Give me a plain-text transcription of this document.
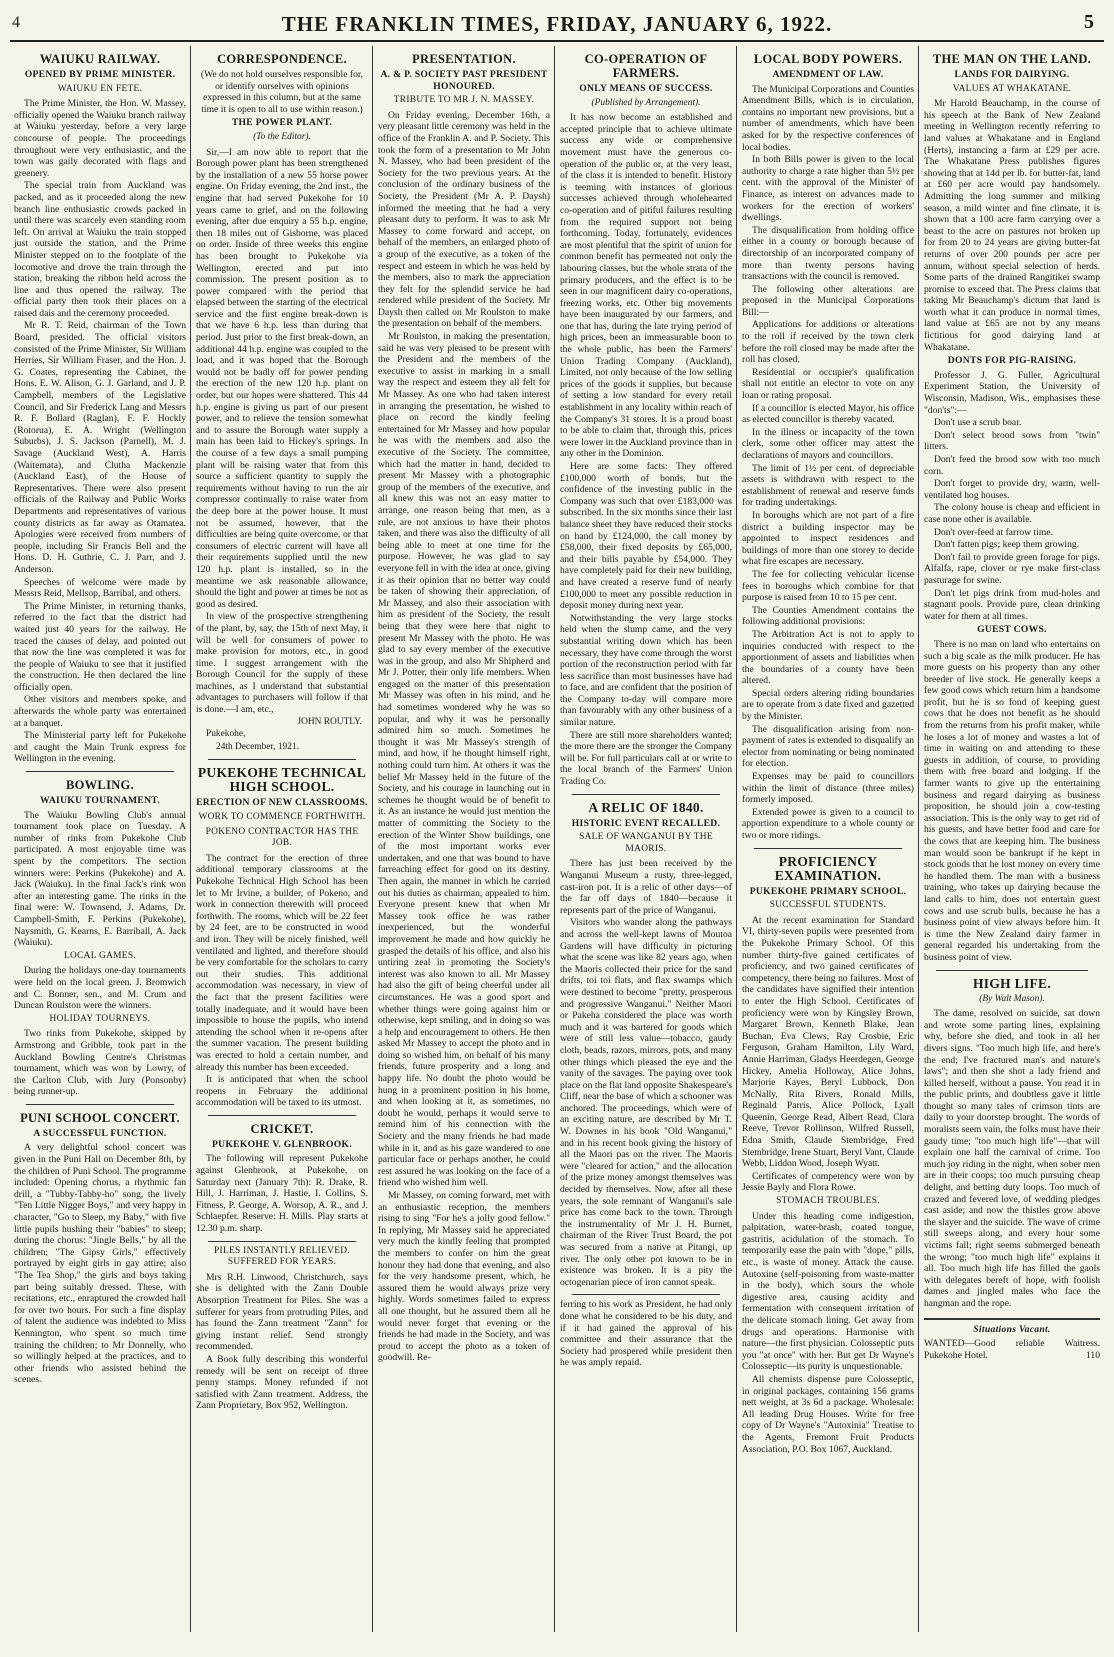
4	THE FRANKLIN TIMES, FRIDAY, JANUARY 6, 1922.	5
WAIUKU RAILWAY.
OPENED BY PRIME MINISTER.
WAIUKU EN FETE.

The Prime Minister, the Hon. W. Massey, officially opened the Waiuku branch railway at Waiuku yesterday, before a very large concourse of people. The proceedings throughout were very enthusiastic, and the town was gaily decorated with flags and greenery.

The special train from Auckland was packed, and as it proceeded along the new branch line enthusiastic crowds packed in until there was scarcely even standing room left. On arrival at Waiuku the train stopped just outside the station, and the Prime Minister stepped on to the footplate of the locomotive and drove the train through the station, breaking the ribbon held across the line and thus opened the railway. The official party then took their places on a raised dais and the ceremony proceeded.

Mr R. T. Reid, chairman of the Town Board, presided. The official visitors consisted of the Prime Minister, Sir William Herries, Sir William Fraser, and the Hon. J. G. Coates, representing the Cabinet, the Hons. E. W. Alison, G. J. Garland, and J. P. Campbell, members of the Legislative Council, and Sir Frederick Lang and Messrs R. F. Bollard (Raglan), F. F. Hockly (Rotorua), E. A. Wright (Wellington Suburbs), J. S. Jackson (Parnell), M. J. Savage (Auckland West), A. Harris (Waitemata), and Clutha Mackenzie (Auckland East), of the House of Representatives. There were also present officials of the Railway and Public Works Departments and representatives of various county districts as far away as Otamatea. Apologies were received from numbers of people, including Sir Francis Bell and the Hons. D. H. Guthrie, C. J. Parr, and J. Anderson.

Speeches of welcome were made by Messrs Reid, Mellsop, Barribal, and others.

The Prime Minister, in returning thanks, referred to the fact that the district had waited just 40 years for the railway. He traced the causes of delay, and pointed out that now the line was completed it was for the people of Waiuku to see that it justified the construction. He then declared the line officially open.

Other visitors and members spoke, and afterwards the whole party was entertained at a banquet.

The Ministerial party left for Pukekohe and caught the Main Trunk express for Wellington in the evening.

BOWLING.
WAIUKU TOURNAMENT.

The Waiuku Bowling Club's annual tournament took place on Tuesday. A number of rinks from Pukekohe Club participated. A most enjoyable time was spent by the competitors. The section winners were: Perkins (Pukekohe) and A. Jack (Waiuku). In the final Jack's rink won after an interesting game. The rinks in the final were: W. Townsend, J. Adams, Dr. Campbell-Smith, F. Perkins (Pukekohe), Naysmith, G. Kearns, E. Barriball, A. Jack (Waiuku).

LOCAL GAMES.

During the holidays one-day tournaments were held on the local green. J. Bromwich and C. Bonner, sen., and M. Crum and Duncan Roulston were the winners.

HOLIDAY TOURNEYS.

Two rinks from Pukekohe, skipped by Armstrong and Gribble, took part in the Auckland Bowling Centre's Christmas tournament, which was won by Lowry, of the Carlton Club, with Jury (Ponsonby) being runner-up.

PUNI SCHOOL CONCERT.
A SUCCESSFUL FUNCTION.

A very delightful school concert was given in the Puni Hall on December 8th, by the children of Puni School. The programme included: Opening chorus, a rhythmic fan drill, a "Tubby-Tabby-ho" song, the lively "Ten Little Nigger Boys," and very happy in character, "Go to Sleep, my Baby," with five little pupils hushing their "babies" to sleep; during the chorus: "Jingle Bells," by all the children; "The Gipsy Girls," effectively portrayed by eight girls in gay attire; also "The Tea Shop," the girls and boys taking part being suitably dressed. These, with recitations, etc., enraptured the crowded hall for over two hours. For such a fine display of talent the audience was indebted to Miss Kennington, who spent so much time training the children; to Mr Donnelly, who so willingly helped at the practices, and to other friends who assisted behind the scenes.

CORRESPONDENCE.

(We do not hold ourselves responsible for, or identify ourselves with opinions expressed in this column, but at the same time it is open to all to use within reason.)

THE POWER PLANT.
(To the Editor).

Sir,—I am now able to report that the Borough power plant has been strengthened by the installation of a new 55 horse power engine. On Friday evening, the 2nd inst., the engine that had served Pukekohe for 10 years came to grief, and on the following evening, after due enquiry a 55 h.p. engine, then 18 miles out of Gisborne, was placed on order. Inside of three weeks this engine has been brought to Pukekohe via Wellington, erected and put into commission. The present position as to power compared with the period that elapsed between the starting of the electrical service and the first engine break-down is that we have 6 h.p. less than during that period. Just prior to the first break-down, an additional 44 h.p. engine was coupled to the load, and it was hoped that the Borough would not be badly off for power pending the erection of the new 120 h.p. plant on order, but our hopes were shattered. This 44 h.p. engine is giving us part of our present power, and to relieve the tension somewhat and to assure the Borough water supply a main has been laid to Hickey's springs. In the course of a few days a small pumping plant will be raising water that from this source a sufficient quantity to supply the requirements without having to run the air compressor continually to raise water from the deep bore at the power house. It must not be assumed, however, that the difficulties are being quite overcome, or that consumers of electric current will have all their requirements supplied until the new 120 h.p. plant is installed, so in the meantime we ask reasonable allowance, should the light and power at times be not as good as desired.

In view of the prospective strengthening of the plant, by, say, the 15th of next May, it will be well for consumers of power to make provision for motors, etc., in good time. I suggest arrangement with the Borough Council for the supply of these machines, as I understand that substantial advantages to purchasers will follow if that is done.—I am, etc.,

JOHN ROUTLY.

Pukekohe,

24th December, 1921.

PUKEKOHE TECHNICAL HIGH SCHOOL.
ERECTION OF NEW CLASSROOMS.
WORK TO COMMENCE FORTHWITH.
POKENO CONTRACTOR HAS THE JOB.

The contract for the erection of three additional temporary classrooms at the Pukekohe Technical High School has been let to Mr Irvine, a builder, of Pokeno, and work in connection therewith will proceed forthwith. The rooms, which will be 22 feet by 24 feet, are to be constructed in wood and iron. They will be nicely finished, well ventilated and lighted, and therefore should be very comfortable for the scholars to carry out their studies. This additional accommodation was necessary, in view of the fact that the present facilities were totally inadequate, and it would have been impossible to house the pupils, who intend attending the school when it re-opens after the summer vacation. The present building was erected to hold a certain number, and already this number has been exceeded.

It is anticipated that when the school reopens in February the additional accommodation will be taxed to its utmost.

CRICKET.
PUKEKOHE V. GLENBROOK.

The following will represent Pukekohe against Glenbrook, at Pukekohe, on Saturday next (January 7th): R. Drake, R. Hill, J. Harriman, J. Hastie, I. Collins, S. Fitness, P. George, A. Worsop, A. R., and J. Schlaepfer. Reserve: H. Mills. Play starts at 12.30 p.m. sharp.

PILES INSTANTLY RELIEVED. SUFFERED FOR YEARS.

Mrs R.H. Linwood, Christchurch, says she is delighted with the Zann Double Absorption Treatment for Piles. She was a sufferer for years from protruding Piles, and has found the Zann treatment "Zann" for giving instant relief. Send strongly recommended.

A Book fully describing this wonderful remedy will be sent on receipt of three penny stamps. Money refunded if not satisfied with Zann treatment. Address, the Zann Proprietary, Box 952, Wellington.

PRESENTATION.
A. & P. SOCIETY PAST PRESIDENT HONOURED.
TRIBUTE TO MR J. N. MASSEY.

On Friday evening, December 16th, a very pleasant little ceremony was held in the office of the Franklin A. and P. Society. This took the form of a presentation to Mr John N. Massey, who had been president of the Society for the two previous years. At the conclusion of the ordinary business of the Society, the President (Mr A. P. Daysh) informed the meeting that he had a very pleasant duty to perform. It was to ask Mr Massey to come forward and accept, on behalf of the members, an enlarged photo of a group of the executive, as a token of the respect and esteem in which he was held by the members, also to mark the appreciation they felt for the splendid service he had rendered while president of the Society. Mr Daysh then called on Mr Roulston to make the presentation on behalf of the members.

Mr Roulston, in making the presentation, said he was very pleased to be present with the President and the members of the executive to assist in marking in a small way the respect and esteem they all felt for Mr Massey. As one who had taken interest in arranging the presentation, he wished to place on record the kindly feeling entertained for Mr Massey and how popular he was with the members and also the executive of the Society. The committee, which had the matter in hand, decided to present Mr Massey with a photographic group of the members of the executive, and all knew this was not an easy matter to arrange, one reason being that men, as a rule, are not anxious to have their photos taken, and there was also the difficulty of all being able to meet at one time for the purpose. However, he was glad to say everyone fell in with the idea at once, giving it as their opinion that no better way could be taken of showing their appreciation, of Mr Massey, and also their association with him as president of the Society, the result being that they were here that night to present Mr Massey with the photo. He was glad to say every member of the executive was in the group, and also Mr Shipherd and Mr J. Potter, their only life members. When engaged on the matter of this presentation Mr Massey was often in his mind, and he had sometimes wondered why he was so popular, and why it was he personally admired him so much. Sometimes he thought it was Mr Massey's strength of mind, and how, if he thought himself right, nothing could turn him. At others it was the belief Mr Massey held in the future of the Society, and his courage in launching out in schemes he thought would be of benefit to it. As an instance he would just mention the matter of committing the Society to the erection of the Winter Show buildings, one of the most important works ever undertaken, and one that was bound to have farreaching effect for good on its destiny. Then again, the manner in which he carried out his duties as chairman, appealed to him. Everyone present knew that when Mr Massey took office he was rather inexperienced, but the wonderful improvement he made and how quickly he grasped the details of his office, and also his untiring zeal in promoting the Society's interest was also known to all. Mr Massey had also the gift of being cheerful under all circumstances. He was a good sport and whether things were going against him or otherwise, kept smiling, and in doing so was a help and encouragement to others. He then asked Mr Massey to accept the photo and in doing so wished him, on behalf of his many friends, future prosperity and a long and happy life. No doubt the photo would be hung in a prominent position in his home, and when looking at it, as sometimes, no doubt he would, perhaps it would serve to remind him of his connection with the Society and the many friends he had made while in it, and as his gaze wandered to one particular face or perhaps another, he could rest assured he was looking on the face of a friend who wished him well.

Mr Massey, on coming forward, met with an enthusiastic reception, the members rising to sing "For he's a jolly good fellow." In replying, Mr Massey said he appreciated very much the kindly feeling that prompted the members to confer on him the great honour they had done that evening, and also for the very handsome present, which, he assured them he would always prize very highly. Words sometimes failed to express all one thought, but he assured them all he would never forget that evening or the friends he had made in the Society, and was proud to accept the photo as a token of goodwill. Re-

CO-OPERATION OF FARMERS.
ONLY MEANS OF SUCCESS.
(Published by Arrangement).

It has now become an established and accepted principle that to achieve ultimate success any wide or comprehensive movement must have the generous co-operation of the public or, at the very least, of the class it is intended to benefit. History is teeming with instances of glorious successes achieved through wholehearted co-operation and of pitiful failures resulting from the required support not being forthcoming. Today, fortunately, evidences are most plentiful that the spirit of union for common benefit has permeated not only the labouring classes, but the whole strata of the primary producers, and the effect is to be seen in our magnificent dairy co-operations, freezing works, etc. Other big movements have been inaugurated by our farmers, and one that has, during the late trying period of high prices, been an immeasurable boon to the whole public, has been the Farmers' Union Trading Company (Auckland), Limited, not only because of the low selling prices of the goods it supplies, but because of setting a low standard for every retail establishment in any locality within reach of the Company's 31 stores. It is a proud boast to be able to claim that, through this, prices were lower in the Auckland province than in any other in the Dominion.

Here are some facts: They offered £100,000 worth of bonds, but the confidence of the investing public in the Company was such that over £183,000 was subscribed. In the six months since their last balance sheet they have reduced their stocks on hand by £124,000, the call money by £58,000, their fixed deposits by £65,000, and their bills payable by £54,000. They have completely paid for their new building, and have created a reserve fund of nearly £100,000 to meet any possible reduction in deposit money during next year.

Notwithstanding the very large stocks held when the slump came, and the very substantial writing down which has been necessary, they have come through the worst portion of the reconstruction period with far less sacrifice than most businesses have had to face, and are confident that the position of the Company to-day will compare more than favourably with any other business of a similar nature.

There are still more shareholders wanted; the more there are the stronger the Company will be. For full particulars call at or write to the local branch of the Farmers' Union Trading Co.

A RELIC OF 1840.
HISTORIC EVENT RECALLED.
SALE OF WANGANUI BY THE MAORIS.

There has just been received by the Wanganui Museum a rusty, three-legged, cast-iron pot. It is a relic of other days—of the far off days of 1840—because it represents part of the price of Wanganui.

Visitors who wander along the pathways and across the well-kept lawns of Moutoa Gardens will have difficulty in picturing what the scene was like 82 years ago, when the Maoris collected their price for the sand drifts, toi toi flats, and flax swamps which were destined to become "pretty, prosperous and progressive Wanganui." Neither Maori or Pakeha considered the place was worth much and it was bartered for goods which were of still less value—tobacco, gaudy cloth, beads, razors, mirrors, pots, and many other things which pleased the eye and the vanity of the savages. The paying over took place on the flat land opposite Shakespeare's Cliff, near the base of which a schooner was anchored. The proceedings, which were of an exciting nature, are described by Mr T. W. Downes in his book "Old Wanganui," and in his recent book giving the history of all the Maori pas on the river. The Maoris were "cleared for action," and the allocation of the prize money amongst themselves was decided by themselves. Now, after all these years, the sole remnant of Wanganui's sale price has come back to the town. Through the instrumentality of Mr J. H. Burnet, chairman of the River Trust Board, the pot was secured from a native at Pitangi, up river. The only other pot known to be in existence was broken. It is a pity the octogenarian piece of iron cannot speak.

ferring to his work as President, he had only done what he considered to be his duty, and if it had gained the approval of his committee and their assurance that the Society had prospered while president then he was amply repaid.

LOCAL BODY POWERS.
AMENDMENT OF LAW.

The Municipal Corporations and Counties Amendment Bills, which is in circulation, contains no important new provisions, but a number of amendments, which have been asked for by the respective conferences of local bodies.

In both Bills power is given to the local authority to charge a rate higher than 5½ per cent. with the approval of the Minister of Finance, as interest on advances made to workers for the erection of workers' dwellings.

The disqualification from holding office either in a county or borough because of directorship of an incorporated company of more than twenty persons having transactions with the council is removed.

The following other alterations are proposed in the Municipal Corporations Bill:—

Applications for additions or alterations to the roll if received by the town clerk before the roll closed may be made after the roll has closed.

Residential or occupier's qualification shall not entitle an elector to vote on any loan or rating proposal.

If a councillor is elected Mayor, his office as elected councillor is thereby vacated.

In the illness or incapacity of the town clerk, some other officer may attest the declarations of mayors and councillors.

The limit of 1½ per cent. of depreciable assets is withdrawn with respect to the establishment of renewal and reserve funds for trading undertakings.

In boroughs which are not part of a fire district a building inspector may be appointed to inspect residences and buildings of more than one storey to decide what fire escapes are necessary.

The fee for collecting vehicular license fees in boroughs which combine for that purpose is raised from 10 to 15 per cent.

The Counties Amendment contains the following additional provisions:

The Arbitration Act is not to apply to inquiries conducted with respect to the apportionment of assets and liabilities when the boundaries of a county have been altered.

Special orders altering riding boundaries are to operate from a date fixed and gazetted by the Minister.

The disqualification arising from non-payment of rates is extended to disqualify an elector from nominating or being nominated for election.

Expenses may be paid to councillors within the limit of distance (three miles) formerly imposed.

Extended power is given to a council to apportion expenditure to a whole county or two or more ridings.

PROFICIENCY EXAMINATION.
PUKEKOHE PRIMARY SCHOOL.
SUCCESSFUL STUDENTS.

At the recent examination for Standard VI, thirty-seven pupils were presented from the Pukekohe Primary School. Of this number thirty-five gained certificates of proficiency, and two gained certificates of competency, there being no failures. Most of the candidates have signified their intention to enter the High School. Certificates of proficiency were won by Kingsley Brown, Margaret Brown, Kenneth Blake, Jean Buchan, Eva Clews, Ray Crosbie, Eric Ferguson, Graham Hamilton, Lily Ward, Annie Harriman, Gladys Heerdegen, George Hickey, Amelia Holloway, Alice Johns, Marjorie Kayes, Beryl Lubbock, Don McNally, Rita Rivers, Ronald Mills, Reginald Parris, Alice Pollock, Lyall Queenin, George Read, Albert Read, Clara Reeve, Trevor Rollinson, Wilfred Russell, Edna Smith, Claude Stembridge, Fred Stembridge, Irene Stuart, Beryl Vant, Claude Webb, Liddon Wood, Joseph Wyatt.

Certificates of competency were won by Jessie Bayly and Flora Rowe.

STOMACH TROUBLES.

Under this heading come indigestion, palpitation, water-brash, coated tongue, gastritis, acidulation of the stomach. To temporarily ease the pain with "dope," pills, etc., is waste of money. Attack the cause. Autoxine (self-poisoning from waste-matter in the body), which sours the whole digestive area, causing acidity and fermentation with consequent irritation of the delicate stomach lining. Get away from drugs and operations. Harmonise with nature—the first physician. Colosseptic puts you "at once" with her. But get Dr Wayne's Colosseptic—its purity is unquestionable.

All chemists dispense pure Colosseptic, in original packages, containing 156 grams nett weight, at 3s 6d a package. Wholesale: All leading Drug Houses. Write for free copy of Dr Wayne's "Autoxinia" Treatise to the Agents, Fremont Fruit Products Association, P.O. Box 1067, Auckland.

THE MAN ON THE LAND.
LANDS FOR DAIRYING.
VALUES AT WHAKATANE.

Mr Harold Beauchamp, in the course of his speech at the Bank of New Zealand meeting in Wellington recently referring to land values at Whakatane and in England (Herts), instancing a farm at £29 per acre. The Whakatane Press publishes figures showing that at 14d per lb. for butter-fat, land at £60 per acre would pay handsomely. Admitting the long summer and milking season, a mild winter and fine climate, it is shown that a 100 acre farm carrying over a beast to the acre on pastures not broken up for from 20 to 24 years are giving butter-fat returns of over 200 pounds per acre per annum, without special selection of herds. Some parts of the drained Rangitikei swamp promise to exceed that. The Press claims that taking Mr Beauchamp's dictum that land is worth what it can produce in normal times, land value at £65 are not by any means fictitious for good dairying land at Whakatane.

DONTS FOR PIG-RAISING.

Professor J. G. Fuller, Agricultural Experiment Station, the University of Wisconsin, Madison, Wis., emphasises these "don'ts":—

Don't use a scrub boar.

Don't select brood sows from "twin" litters.

Don't feed the brood sow with too much corn.

Don't forget to provide dry, warm, well-ventilated hog houses.

The colony house is cheap and efficient in case none other is available.

Don't over-feed at farrow time.

Don't fatten pigs; keep them growing.

Don't fail to provide green forage for pigs. Alfalfa, rape, clover or rye make first-class pasturage for swine.

Don't let pigs drink from mud-holes and stagnant pools. Provide pure, clean drinking water for them at all times.

GUEST COWS.

There is no man on land who entertains on such a big scale as the milk producer. He has more guests on his property than any other breeder of live stock. He generally keeps a few good cows which return him a handsome profit, but he is so fond of keeping guest cows that he does not benefit as he should from the returns from his profit maker, while he loses a lot of money and wastes a lot of time in waiting on and attending to these guests in addition, of course, to providing them with free board and lodging. If the farmer wants to give up the entertaining business and regard dairying as business proposition, he should join a cow-testing association. This is the only way to get rid of his guests, and have better food and care for the cows that are keeping him. The business man would soon be bankrupt if he kept in stock goods that he lost money on every time he handled them. The man with a business training, who takes up dairying because the land calls to him, does not entertain guest cows and use scrub bulls, because he has a business point of view always before him. It is time the New Zealand dairy farmer in general regarded his undertaking from the business point of view.

HIGH LIFE.
(By Walt Mason).

The dame, resolved on suicide, sat down and wrote some parting lines, explaining why, before she died, and took in all her divers signs. "Too much high life, and here's the end; I've fractured man's and nature's laws"; and then she shot a lady friend and killed herself, without a pause. You read it in the public prints, and doubtless gave it little thought so many tales of crimson tints are daily to your doorstep brought. The words of moralists seem vain, the folks must have their gaudy time; "too much high life"—that will explain one half the carnival of crime. Too much joy riding in the night, when sober men are in their coops; too much pursuing cheap delight, and betting duty loops. Too much of crazed and fevered love, of wedding pledges cast aside; and now the thistles grow above the slayer and the suicide. The wave of crime still sweeps along, and every hour some victims fall; right seems submerged beneath the wrong; "too much high life" explains it all. Too much high life has filled the gaols with delegates bereft of hope, with foolish dames and jingled males who face the hangman and the rope.

Situations Vacant.

WANTED—Good reliable Waitress. Pukekohe Hotel.	110
